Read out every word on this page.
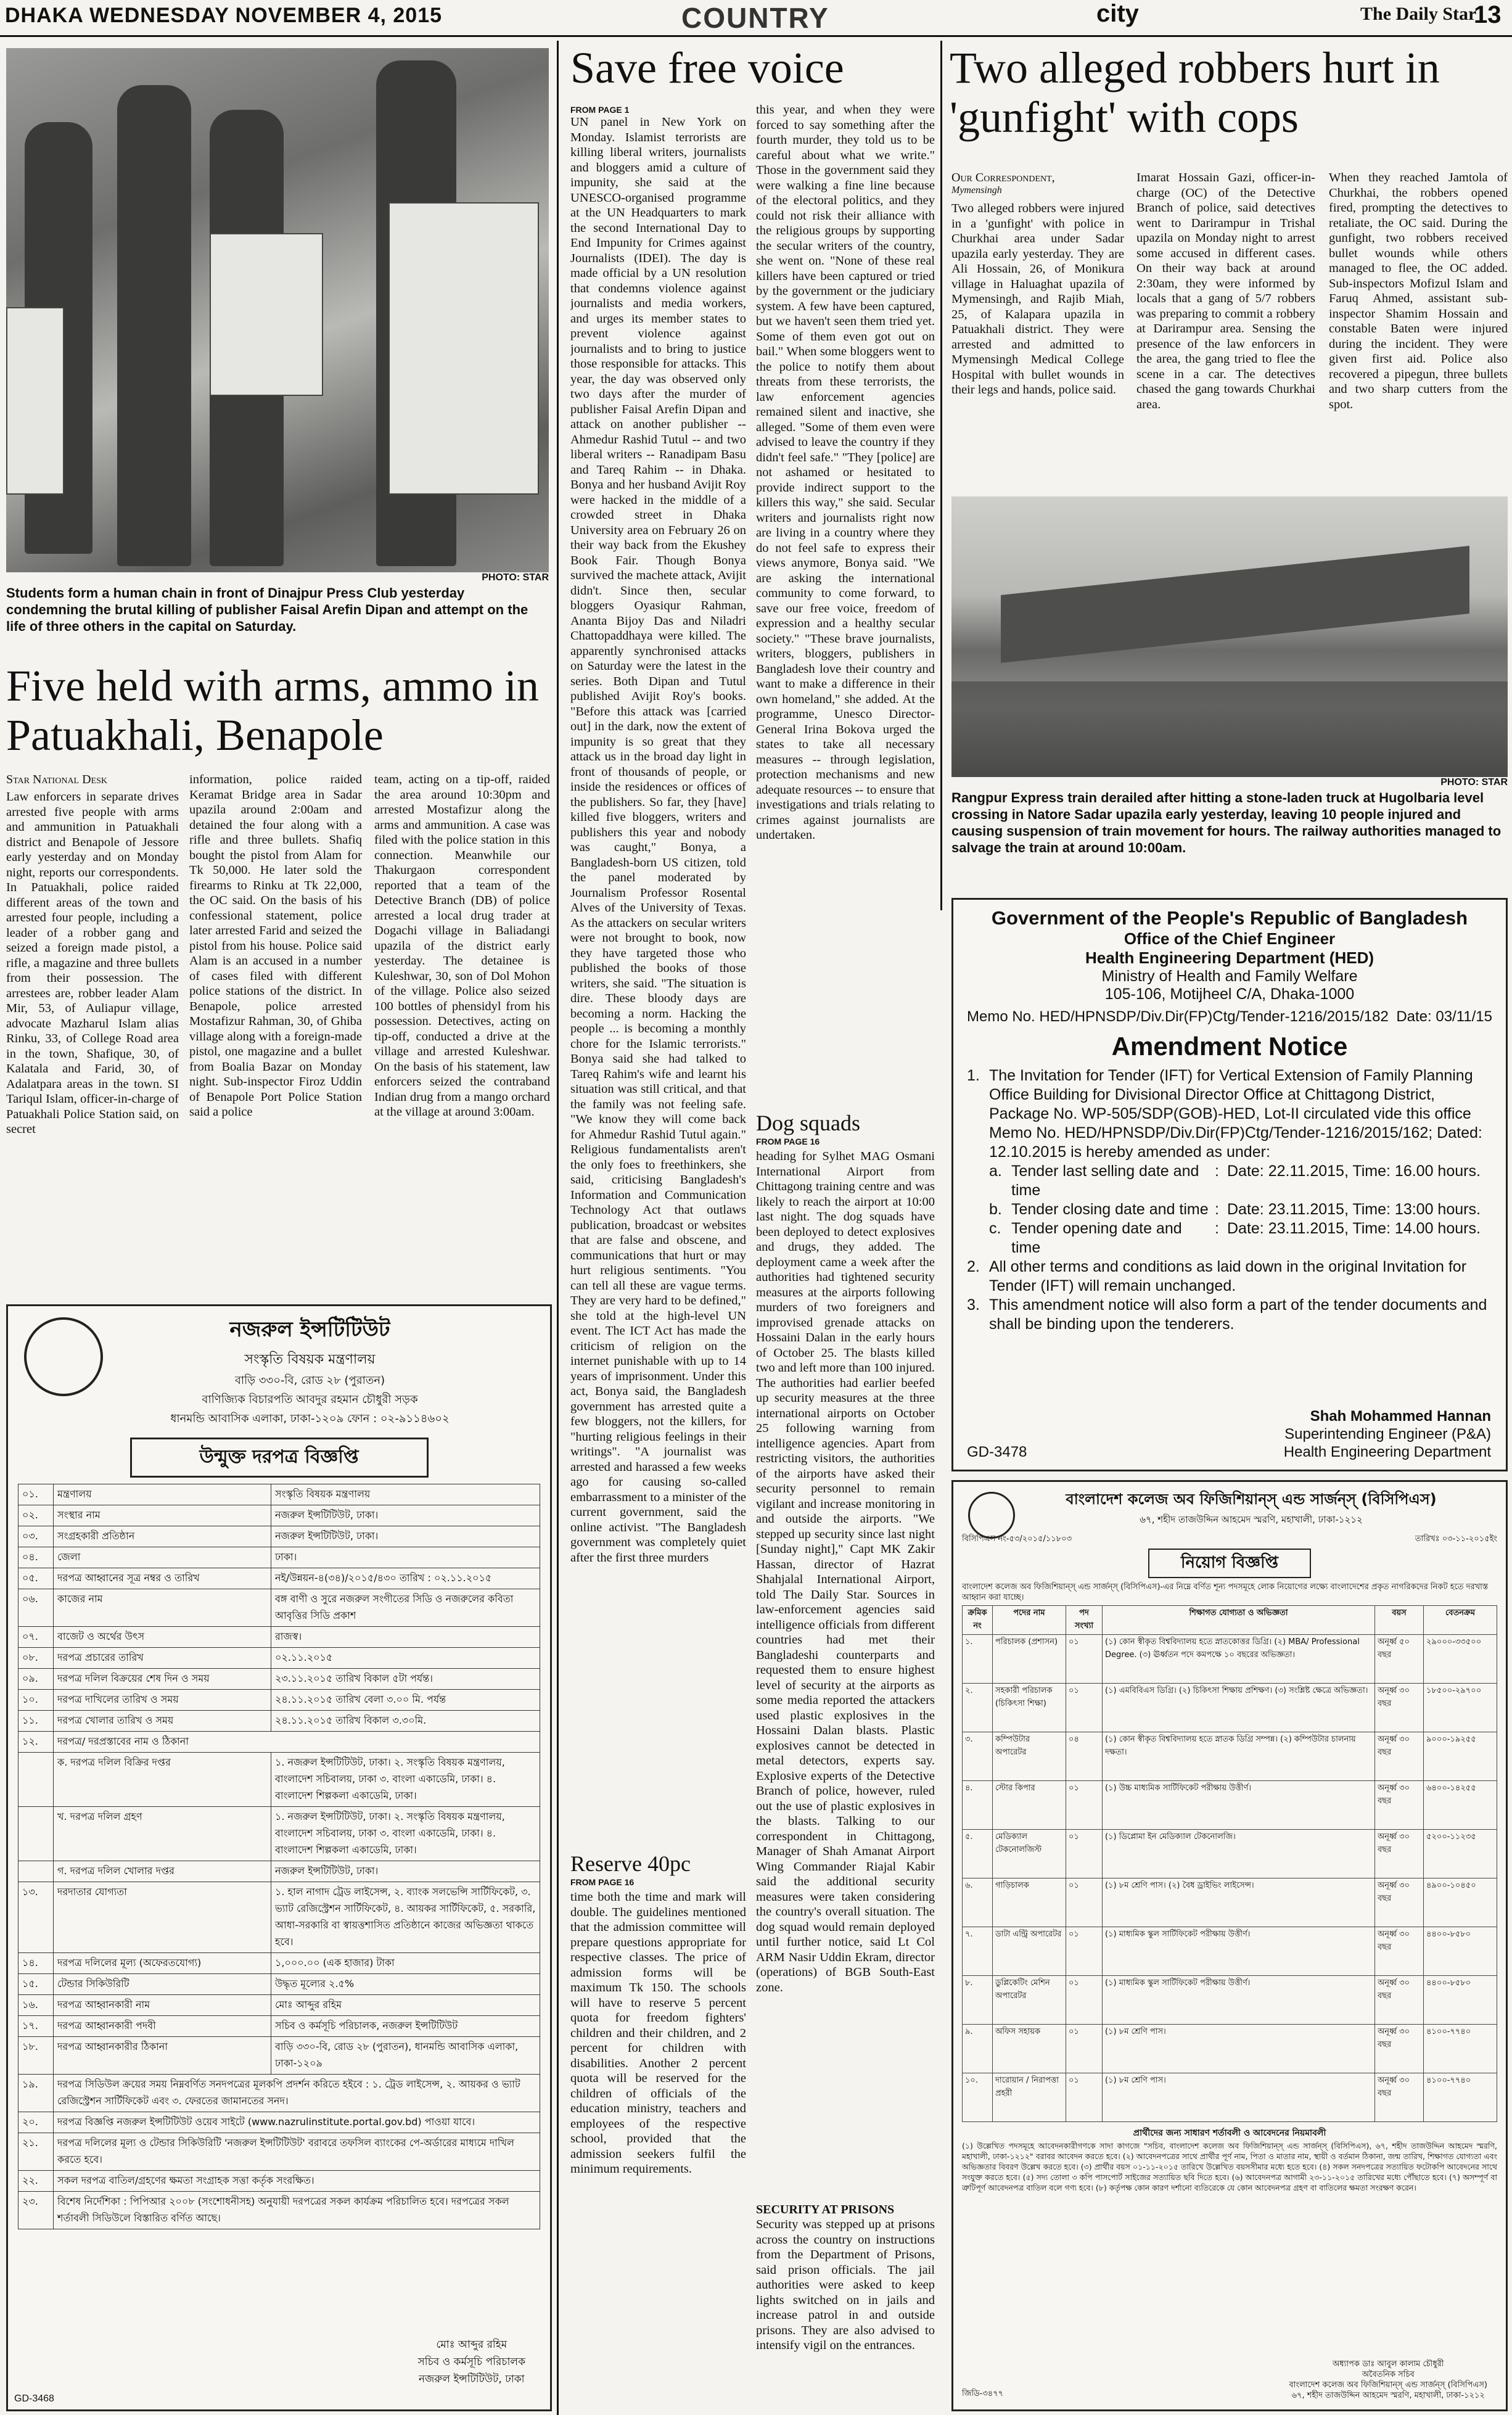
DHAKA WEDNESDAY NOVEMBER 4, 2015	COUNTRY	city	The Daily Star
13
PHOTO: STAR
Students form a human chain in front of Dinajpur Press Club yesterday condemning the brutal killing of publisher Faisal Arefin Dipan and attempt on the life of three others in the capital on Saturday.
Five held with arms, ammo in Patuakhali, Benapole
Star National Desk

Law enforcers in separate drives arrested five people with arms and ammunition in Patuakhali district and Benapole of Jessore early yesterday and on Monday night, reports our correspondents. In Patuakhali, police raided different areas of the town and arrested four people, including a leader of a robber gang and seized a foreign made pistol, a rifle, a magazine and three bullets from their possession. The arrestees are, robber leader Alam Mir, 53, of Auliapur village, advocate Mazharul Islam alias Rinku, 33, of College Road area in the town, Shafique, 30, of Kalatala and Farid, 30, of Adalatpara areas in the town. SI Tariqul Islam, officer-in-charge of Patuakhali Police Station said, on secret

information, police raided Keramat Bridge area in Sadar upazila around 2:00am and detained the four along with a rifle and three bullets. Shafiq bought the pistol from Alam for Tk 50,000. He later sold the firearms to Rinku at Tk 22,000, the OC said. On the basis of his confessional statement, police later arrested Farid and seized the pistol from his house. Police said Alam is an accused in a number of cases filed with different police stations of the district. In Benapole, police arrested Mostafizur Rahman, 30, of Ghiba village along with a foreign-made pistol, one magazine and a bullet from Boalia Bazar on Monday night. Sub-inspector Firoz Uddin of Benapole Port Police Station said a police

team, acting on a tip-off, raided the area around 10:30pm and arrested Mostafizur along the arms and ammunition. A case was filed with the police station in this connection. Meanwhile our Thakurgaon correspondent reported that a team of the Detective Branch (DB) of police arrested a local drug trader at Dogachi village in Baliadangi upazila of the district early yesterday. The detainee is Kuleshwar, 30, son of Dol Mohon of the village. Police also seized 100 bottles of phensidyl from his possession. Detectives, acting on tip-off, conducted a drive at the village and arrested Kuleshwar. On the basis of his statement, law enforcers seized the contraband Indian drug from a mango orchard at the village at around 3:00am.

নজরুল ইন্সটিটিউট
সংস্কৃতি বিষয়ক মন্ত্রণালয়
বাড়ি ৩৩০-বি, রোড ২৮ (পুরাতন)
বাণিজ্যিক বিচারপতি আবদুর রহমান চৌধুরী সড়ক
ধানমন্ডি আবাসিক এলাকা, ঢাকা-১২০৯ ফোন : ০২-৯১১৪৬০২
উন্মুক্ত দরপত্র বিজ্ঞপ্তি
০১.	মন্ত্রণালয়	সংস্কৃতি বিষয়ক মন্ত্রণালয়
০২.	সংস্থার নাম	নজরুল ইন্সটিটিউট, ঢাকা।
০৩.	সংগ্রহকারী প্রতিষ্ঠান	নজরুল ইন্সটিটিউট, ঢাকা।
০৪.	জেলা	ঢাকা।
০৫.	দরপত্র আহ্বানের সূত্র নম্বর ও তারিখ	নই/উন্নয়ন-৪(৩৪)/২০১৫/৪৩০ তারিখ : ০২.১১.২০১৫
০৬.	কাজের নাম	বঙ্গ বাণী ও সুরে নজরুল সংগীতের সিডি ও নজরুলের কবিতা আবৃত্তির সিডি প্রকাশ
০৭.	বাজেট ও অর্থের উৎস	রাজস্ব।
০৮.	দরপত্র প্রচারের তারিখ	০২.১১.২০১৫
০৯.	দরপত্র দলিল বিক্রয়ের শেষ দিন ও সময়	২৩.১১.২০১৫ তারিখ বিকাল ৫টা পর্যন্ত।
১০.	দরপত্র দাখিলের তারিখ ও সময়	২৪.১১.২০১৫ তারিখ বেলা ৩.০০ মি. পর্যন্ত
১১.	দরপত্র খোলার তারিখ ও সময়	২৪.১১.২০১৫ তারিখ বিকাল ৩.৩০মি.
১২.	দরপত্র/ দরপ্রস্তাবের নাম ও ঠিকানা	
	ক. দরপত্র দলিল বিক্রির দপ্তর	১. নজরুল ইন্সটিটিউট, ঢাকা। ২. সংস্কৃতি বিষয়ক মন্ত্রণালয়, বাংলাদেশ সচিবালয়, ঢাকা ৩. বাংলা একাডেমি, ঢাকা। ৪. বাংলাদেশ শিল্পকলা একাডেমি, ঢাকা।
	খ. দরপত্র দলিল গ্রহণ	১. নজরুল ইন্সটিটিউট, ঢাকা। ২. সংস্কৃতি বিষয়ক মন্ত্রণালয়, বাংলাদেশ সচিবালয়, ঢাকা ৩. বাংলা একাডেমি, ঢাকা। ৪. বাংলাদেশ শিল্পকলা একাডেমি, ঢাকা।
	গ. দরপত্র দলিল খোলার দপ্তর	নজরুল ইন্সটিটিউট, ঢাকা।
১৩.	দরদাতার যোগ্যতা	১. হাল নাগাদ ট্রেড লাইসেন্স, ২. ব্যাংক সলভেন্সি সার্টিফিকেট, ৩. ভ্যাট রেজিস্ট্রেশন সার্টিফিকেট, ৪. আয়কর সার্টিফিকেট, ৫. সরকারি, আধা-সরকারি বা স্বায়ত্তশাসিত প্রতিষ্ঠানে কাজের অভিজ্ঞতা থাকতে হবে।
১৪.	দরপত্র দলিলের মূল্য (অফেরতযোগ্য)	১,০০০.০০ (এক হাজার) টাকা
১৫.	টেন্ডার সিকিউরিটি	উদ্ধৃত মূল্যের ২.৫%
১৬.	দরপত্র আহ্বানকারী নাম	মোঃ আব্দুর রহিম
১৭.	দরপত্র আহ্বানকারী পদবী	সচিব ও কর্মসূচি পরিচালক, নজরুল ইন্সটিটিউট
১৮.	দরপত্র আহ্বানকারীর ঠিকানা	বাড়ি ৩৩০-বি, রোড ২৮ (পুরাতন), ধানমন্ডি আবাসিক এলাকা, ঢাকা-১২০৯
১৯.	দরপত্র সিডিউল ক্রয়ের সময় নিম্নবর্ণিত সনদপত্রের মূলকপি প্রদর্শন করিতে হইবে : ১. ট্রেড লাইসেন্স, ২. আয়কর ও ভ্যাট রেজিস্ট্রেশন সার্টিফিকেট এবং ৩. ফেরতের জামানতের সনদ।	
২০.	দরপত্র বিজ্ঞপ্তি নজরুল ইন্সটিটিউট ওয়েব সাইটে (www.nazrulinstitute.portal.gov.bd) পাওয়া যাবে।	
২১.	দরপত্র দলিলের মূল্য ও টেন্ডার সিকিউরিটি 'নজরুল ইন্সটিটিউট' বরাবরে তফসিল ব্যাংকের পে-অর্ডারের মাধ্যমে দাখিল করতে হবে।	
২২.	সকল দরপত্র বাতিল/গ্রহণের ক্ষমতা সংগ্রাহক সত্তা কর্তৃক সংরক্ষিত।	
২৩.	বিশেষ নির্দেশিকা : পিপিআর ২০০৮ (সংশোধনীসহ) অনুযায়ী দরপত্রের সকল কার্যক্রম পরিচালিত হবে। দরপত্রের সকল শর্তাবলী সিডিউলে বিস্তারিত বর্ণিত আছে।	
মোঃ আব্দুর রহিম
সচিব ও কর্মসূচি পরিচালক
নজরুল ইন্সটিটিউট, ঢাকা
GD-3468
Save free voice
FROM PAGE 1

UN panel in New York on Monday. Islamist terrorists are killing liberal writers, journalists and bloggers amid a culture of impunity, she said at the UNESCO-organised programme at the UN Headquarters to mark the second International Day to End Impunity for Crimes against Journalists (IDEI). The day is made official by a UN resolution that condemns violence against journalists and media workers, and urges its member states to prevent violence against journalists and to bring to justice those responsible for attacks. This year, the day was observed only two days after the murder of publisher Faisal Arefin Dipan and attack on another publisher -- Ahmedur Rashid Tutul -- and two liberal writers -- Ranadipam Basu and Tareq Rahim -- in Dhaka. Bonya and her husband Avijit Roy were hacked in the middle of a crowded street in Dhaka University area on February 26 on their way back from the Ekushey Book Fair. Though Bonya survived the machete attack, Avijit didn't. Since then, secular bloggers Oyasiqur Rahman, Ananta Bijoy Das and Niladri Chattopaddhaya were killed. The apparently synchronised attacks on Saturday were the latest in the series. Both Dipan and Tutul published Avijit Roy's books. "Before this attack was [carried out] in the dark, now the extent of impunity is so great that they attack us in the broad day light in front of thousands of people, or inside the residences or offices of the publishers. So far, they [have] killed five bloggers, writers and publishers this year and nobody was caught," Bonya, a Bangladesh-born US citizen, told the panel moderated by Journalism Professor Rosental Alves of the University of Texas. As the attackers on secular writers were not brought to book, now they have targeted those who published the books of those writers, she said. "The situation is dire. These bloody days are becoming a norm. Hacking the people ... is becoming a monthly chore for the Islamic terrorists." Bonya said she had talked to Tareq Rahim's wife and learnt his situation was still critical, and that the family was not feeling safe. "We know they will come back for Ahmedur Rashid Tutul again." Religious fundamentalists aren't the only foes to freethinkers, she said, criticising Bangladesh's Information and Communication Technology Act that outlaws publication, broadcast or websites that are false and obscene, and communications that hurt or may hurt religious sentiments. "You can tell all these are vague terms. They are very hard to be defined," she told at the high-level UN event. The ICT Act has made the criticism of religion on the internet punishable with up to 14 years of imprisonment. Under this act, Bonya said, the Bangladesh government has arrested quite a few bloggers, not the killers, for "hurting religious feelings in their writings". "A journalist was arrested and harassed a few weeks ago for causing so-called embarrassment to a minister of the current government, said the online activist. "The Bangladesh government was completely quiet after the first three murders

this year, and when they were forced to say something after the fourth murder, they told us to be careful about what we write." Those in the government said they were walking a fine line because of the electoral politics, and they could not risk their alliance with the religious groups by supporting the secular writers of the country, she went on. "None of these real killers have been captured or tried by the government or the judiciary system. A few have been captured, but we haven't seen them tried yet. Some of them even got out on bail." When some bloggers went to the police to notify them about threats from these terrorists, the law enforcement agencies remained silent and inactive, she alleged. "Some of them even were advised to leave the country if they didn't feel safe." "They [police] are not ashamed or hesitated to provide indirect support to the killers this way," she said. Secular writers and journalists right now are living in a country where they do not feel safe to express their views anymore, Bonya said. "We are asking the international community to come forward, to save our free voice, freedom of expression and a healthy secular society." "These brave journalists, writers, bloggers, publishers in Bangladesh love their country and want to make a difference in their own homeland," she added. At the programme, Unesco Director-General Irina Bokova urged the states to take all necessary measures -- through legislation, protection mechanisms and new adequate resources -- to ensure that investigations and trials relating to crimes against journalists are undertaken.

Reserve 40pc
FROM PAGE 16

time both the time and mark will double. The guidelines mentioned that the admission committee will prepare questions appropriate for respective classes. The price of admission forms will be maximum Tk 150. The schools will have to reserve 5 percent quota for freedom fighters' children and their children, and 2 percent for children with disabilities. Another 2 percent quota will be reserved for the children of officials of the education ministry, teachers and employees of the respective school, provided that the admission seekers fulfil the minimum requirements.

Dog squads
FROM PAGE 16

heading for Sylhet MAG Osmani International Airport from Chittagong training centre and was likely to reach the airport at 10:00 last night. The dog squads have been deployed to detect explosives and drugs, they added. The deployment came a week after the authorities had tightened security measures at the airports following murders of two foreigners and improvised grenade attacks on Hossaini Dalan in the early hours of October 25. The blasts killed two and left more than 100 injured. The authorities had earlier beefed up security measures at the three international airports on October 25 following warning from intelligence agencies. Apart from restricting visitors, the authorities of the airports have asked their security personnel to remain vigilant and increase monitoring in and outside the airports. "We stepped up security since last night [Sunday night]," Capt MK Zakir Hassan, director of Hazrat Shahjalal International Airport, told The Daily Star. Sources in law-enforcement agencies said intelligence officials from different countries had met their Bangladeshi counterparts and requested them to ensure highest level of security at the airports as some media reported the attackers used plastic explosives in the Hossaini Dalan blasts. Plastic explosives cannot be detected in metal detectors, experts say. Explosive experts of the Detective Branch of police, however, ruled out the use of plastic explosives in the blasts. Talking to our correspondent in Chittagong, Manager of Shah Amanat Airport Wing Commander Riajal Kabir said the additional security measures were taken considering the country's overall situation. The dog squad would remain deployed until further notice, said Lt Col ARM Nasir Uddin Ekram, director (operations) of BGB South-East zone.

SECURITY AT PRISONS

Security was stepped up at prisons across the country on instructions from the Department of Prisons, said prison officials. The jail authorities were asked to keep lights switched on in jails and increase patrol in and outside prisons. They are also advised to intensify vigil on the entrances.

Two alleged robbers hurt in 'gunfight' with cops
Our Correspondent,
Mymensingh

Two alleged robbers were injured in a 'gunfight' with police in Churkhai area under Sadar upazila early yesterday. They are Ali Hossain, 26, of Monikura village in Haluaghat upazila of Mymensingh, and Rajib Miah, 25, of Kalapara upazila in Patuakhali district. They were arrested and admitted to Mymensingh Medical College Hospital with bullet wounds in their legs and hands, police said.

Imarat Hossain Gazi, officer-in-charge (OC) of the Detective Branch of police, said detectives went to Darirampur in Trishal upazila on Monday night to arrest some accused in different cases. On their way back at around 2:30am, they were informed by locals that a gang of 5/7 robbers was preparing to commit a robbery at Darirampur area. Sensing the presence of the law enforcers in the area, the gang tried to flee the scene in a car. The detectives chased the gang towards Churkhai area.

When they reached Jamtola of Churkhai, the robbers opened fired, prompting the detectives to retaliate, the OC said. During the gunfight, two robbers received bullet wounds while others managed to flee, the OC added. Sub-inspectors Mofizul Islam and Faruq Ahmed, assistant sub-inspector Shamim Hossain and constable Baten were injured during the incident. They were given first aid. Police also recovered a pipegun, three bullets and two sharp cutters from the spot.

PHOTO: STAR
Rangpur Express train derailed after hitting a stone-laden truck at Hugolbaria level crossing in Natore Sadar upazila early yesterday, leaving 10 people injured and causing suspension of train movement for hours. The railway authorities managed to salvage the train at around 10:00am.
Government of the People's Republic of Bangladesh
Office of the Chief Engineer
Health Engineering Department (HED)
Ministry of Health and Family Welfare
105-106, Motijheel C/A, Dhaka-1000
Memo No. HED/HPNSDP/Div.Dir(FP)Ctg/Tender-1216/2015/182 Date: 03/11/15
Amendment Notice
1. The Invitation for Tender (IFT) for Vertical Extension of Family Planning Office Building for Divisional Director Office at Chittagong District, Package No. WP-505/SDP(GOB)-HED, Lot-II circulated vide this office Memo No. HED/HPNSDP/Div.Dir(FP)Ctg/Tender-1216/2015/162; Dated: 12.10.2015 is hereby amended as under:
a. Tender last selling date and time
: Date: 22.11.2015, Time: 16.00 hours.
b. Tender closing date and time : Date: 23.11.2015, Time: 13:00 hours.
c. Tender opening date and time
: Date: 23.11.2015, Time: 14.00 hours.
2. All other terms and conditions as laid down in the original Invitation for Tender (IFT) will remain unchanged.
3. This amendment notice will also form a part of the tender documents and shall be binding upon the tenderers.
Shah Mohammed Hannan
Superintending Engineer (P&A)
Health Engineering Department
GD-3478
বাংলাদেশ কলেজ অব ফিজিশিয়ান্‌স্ এন্ড সার্জন্‌স্ (বিসিপিএস)
৬৭, শহীদ তাজউদ্দিন আহমেদ স্মরণি, মহাখালী, ঢাকা-১২১২
বিসিপিএস নং-৫৩/২০১৫/১১৮০৩	তারিখঃ ০৩-১১-২০১৫ইং
নিয়োগ বিজ্ঞপ্তি
বাংলাদেশ কলেজ অব ফিজিশিয়ান্‌স্ এন্ড সার্জন্‌স্ (বিসিপিএস)-এর নিম্নে বর্ণিত শূন্য পদসমূহে লোক নিয়োগের লক্ষ্যে বাংলাদেশের প্রকৃত নাগরিকদের নিকট হতে দরখাস্ত আহ্বান করা যাচ্ছে।
ক্রমিক নং	পদের নাম	পদ সংখ্যা	শিক্ষাগত যোগ্যতা ও অভিজ্ঞতা	বয়স	বেতনক্রম
১.	পরিচালক (প্রশাসন)	০১	(১) কোন স্বীকৃত বিশ্ববিদ্যালয় হতে স্নাতকোত্তর ডিগ্রি। (২) MBA/ Professional Degree. (৩) ঊর্ধ্বতন পদে কমপক্ষে ১০ বছরের অভিজ্ঞতা।	অনূর্ধ্ব ৫০ বছর	২৯০০০-৩৩৫০০
২.	সহকারী পরিচালক (চিকিৎসা শিক্ষা)	০১	(১) এমবিবিএস ডিগ্রি। (২) চিকিৎসা শিক্ষায় প্রশিক্ষণ। (৩) সংশ্লিষ্ট ক্ষেত্রে অভিজ্ঞতা।	অনূর্ধ্ব ৩০ বছর	১৮৫০০-২৯৭০০
৩.	কম্পিউটার অপারেটর	০৪	(১) কোন স্বীকৃত বিশ্ববিদ্যালয় হতে স্নাতক ডিগ্রি সম্পন্ন। (২) কম্পিউটার চালনায় দক্ষতা।	অনূর্ধ্ব ৩০ বছর	৯০০০-১৯২৫৫
৪.	স্টোর কিপার	০১	(১) উচ্চ মাধ্যমিক সার্টিফিকেট পরীক্ষায় উত্তীর্ণ।	অনূর্ধ্ব ৩০ বছর	৬৪০০-১৪২৫৫
৫.	মেডিক্যাল টেকনোলজিস্ট	০১	(১) ডিপ্লোমা ইন মেডিক্যাল টেকনোলজি।	অনূর্ধ্ব ৩০ বছর	৫২০০-১১২৩৫
৬.	গাড়িচালক	০১	(১) ৮ম শ্রেণি পাস। (২) বৈধ ড্রাইভিং লাইসেন্স।	অনূর্ধ্ব ৩০ বছর	৪৯০০-১০৪৫০
৭.	ডাটা এন্ট্রি অপারেটর	০১	(১) মাধ্যমিক স্কুল সার্টিফিকেট পরীক্ষায় উত্তীর্ণ।	অনূর্ধ্ব ৩০ বছর	৪৪০০-৮৫৮০
৮.	ডুপ্লিকেটিং মেশিন অপারেটর	০১	(১) মাধ্যমিক স্কুল সার্টিফিকেট পরীক্ষায় উত্তীর্ণ।	অনূর্ধ্ব ৩০ বছর	৪৪০০-৮৫৮০
৯.	অফিস সহায়ক	০১	(১) ৮ম শ্রেণি পাস।	অনূর্ধ্ব ৩০ বছর	৪১০০-৭৭৪০
১০.	দারোয়ান / নিরাপত্তা প্রহরী	০১	(১) ৮ম শ্রেণি পাস।	অনূর্ধ্ব ৩০ বছর	৪১০০-৭৭৪০
প্রার্থীদের জন্য সাধারণ শর্তাবলী ও আবেদনের নিয়মাবলী
(১) উল্লেখিত পদসমূহে আবেদনকারীগণকে সাদা কাগজে "সচিব, বাংলাদেশ কলেজ অব ফিজিশিয়ান্‌স্ এন্ড সার্জন্‌স্ (বিসিপিএস), ৬৭, শহীদ তাজউদ্দিন আহমেদ স্মরণি, মহাখালী, ঢাকা-১২১২" বরাবর আবেদন করতে হবে। (২) আবেদনপত্রের সাথে প্রার্থীর পূর্ণ নাম, পিতা ও মাতার নাম, স্থায়ী ও বর্তমান ঠিকানা, জন্ম তারিখ, শিক্ষাগত যোগ্যতা এবং অভিজ্ঞতার বিবরণ উল্লেখ করতে হবে। (৩) প্রার্থীর বয়স ০১-১১-২০১৫ তারিখে উল্লেখিত বয়সসীমার মধ্যে হতে হবে। (৪) সকল সনদপত্রের সত্যায়িত ফটোকপি আবেদনের সাথে সংযুক্ত করতে হবে। (৫) সদ্য তোলা ৩ কপি পাসপোর্ট সাইজের সত্যায়িত ছবি দিতে হবে। (৬) আবেদনপত্র আগামী ২৩-১১-২০১৫ তারিখের মধ্যে পৌঁছাতে হবে। (৭) অসম্পূর্ণ বা ত্রুটিপূর্ণ আবেদনপত্র বাতিল বলে গণ্য হবে। (৮) কর্তৃপক্ষ কোন কারণ দর্শানো ব্যতিরেকে যে কোন আবেদনপত্র গ্রহণ বা বাতিলের ক্ষমতা সংরক্ষণ করেন।
অধ্যাপক ডাঃ আবুল কালাম চৌধুরী
অবৈতনিক সচিব
বাংলাদেশ কলেজ অব ফিজিশিয়ান্‌স্ এন্ড সার্জন্‌স্ (বিসিপিএস)
৬৭, শহীদ তাজউদ্দিন আহমেদ স্মরণি, মহাখালী, ঢাকা-১২১২
জিডি-৩৪৭৭
